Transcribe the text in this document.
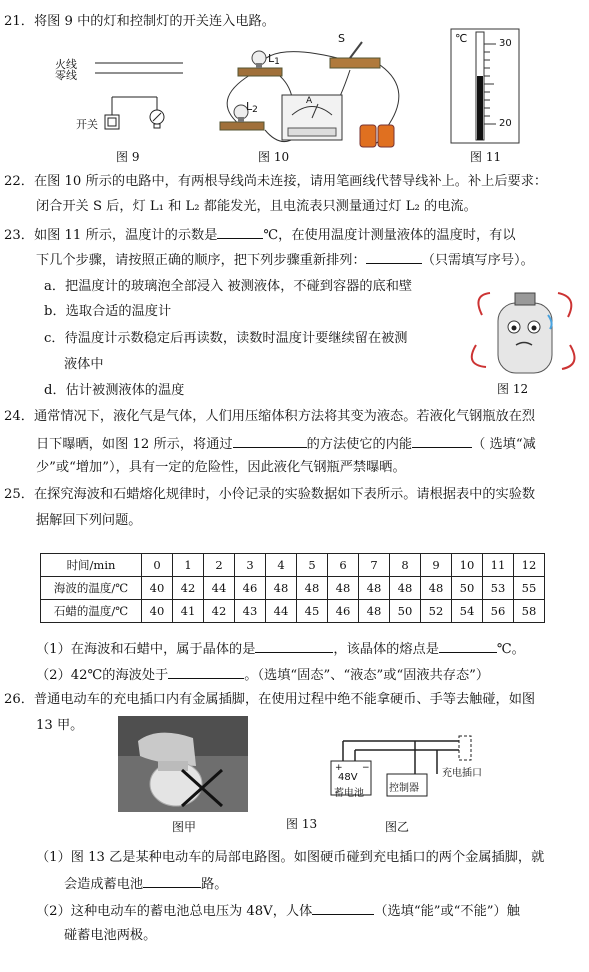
21．将图 9 中的灯和控制灯的开关连入电路。
火线
零线
开关
图 9
S
$L_1$
$L_2$
A
图 10
℃	30
20
图 11
22．在图 10 所示的电路中，有两根导线尚未连接，请用笔画线代替导线补上。补上后要求：
闭合开关 S 后，灯 L₁ 和 L₂ 都能发光，且电流表只测量通过灯 L₂ 的电流。
23．如图 11 所示，温度计的示数是	℃，在使用温度计测量液体的温度时，有以
下几个步骤，请按照正确的顺序，把下列步骤重新排列：	（只需填写序号）。
a．把温度计的玻璃泡全部浸入 被测液体，不碰到容器的底和壁
b．选取合适的温度计
c．待温度计示数稳定后再读数，读数时温度计要继续留在被测
液体中
d．估计被测液体的温度	图 12
24．通常情况下，液化气是气体，人们用压缩体积方法将其变为液态。若液化气钢瓶放在烈
日下曝晒，如图 12 所示，将通过	的方法使它的内能	（ 选填“减
少”或“增加”），具有一定的危险性，因此液化气钢瓶严禁曝晒。
25．在探究海波和石蜡熔化规律时，小伶记录的实验数据如下表所示。请根据表中的实验数
据解回下列问题。
时间/min	0	1	2	3	4	5	6	7	8	9	10	11	12
海波的温度/℃	40	42	44	46	48	48	48	48	48	48	50	53	55
石蜡的温度/℃	40	41	42	43	44	45	46	48	50	52	54	56	58
（1）在海波和石蜡中，属于晶体的是	，该晶体的熔点是	℃。
（2）42℃的海波处于	。（选填“固态”、“液态”或“固液共存态”）
26．普通电动车的充电插口内有金属插脚，在使用过程中绝不能拿硬币、手等去触碰，如图
13 甲。
图甲
+ −
48V
蓄电池	控制器
充电插口
图 13	图乙
（1）图 13 乙是某种电动车的局部电路图。如图硬币碰到充电插口的两个金属插脚，就
会造成蓄电池	路。
（2）这种电动车的蓄电池总电压为 48V，人体	（选填“能”或“不能”）触
碰蓄电池两极。
